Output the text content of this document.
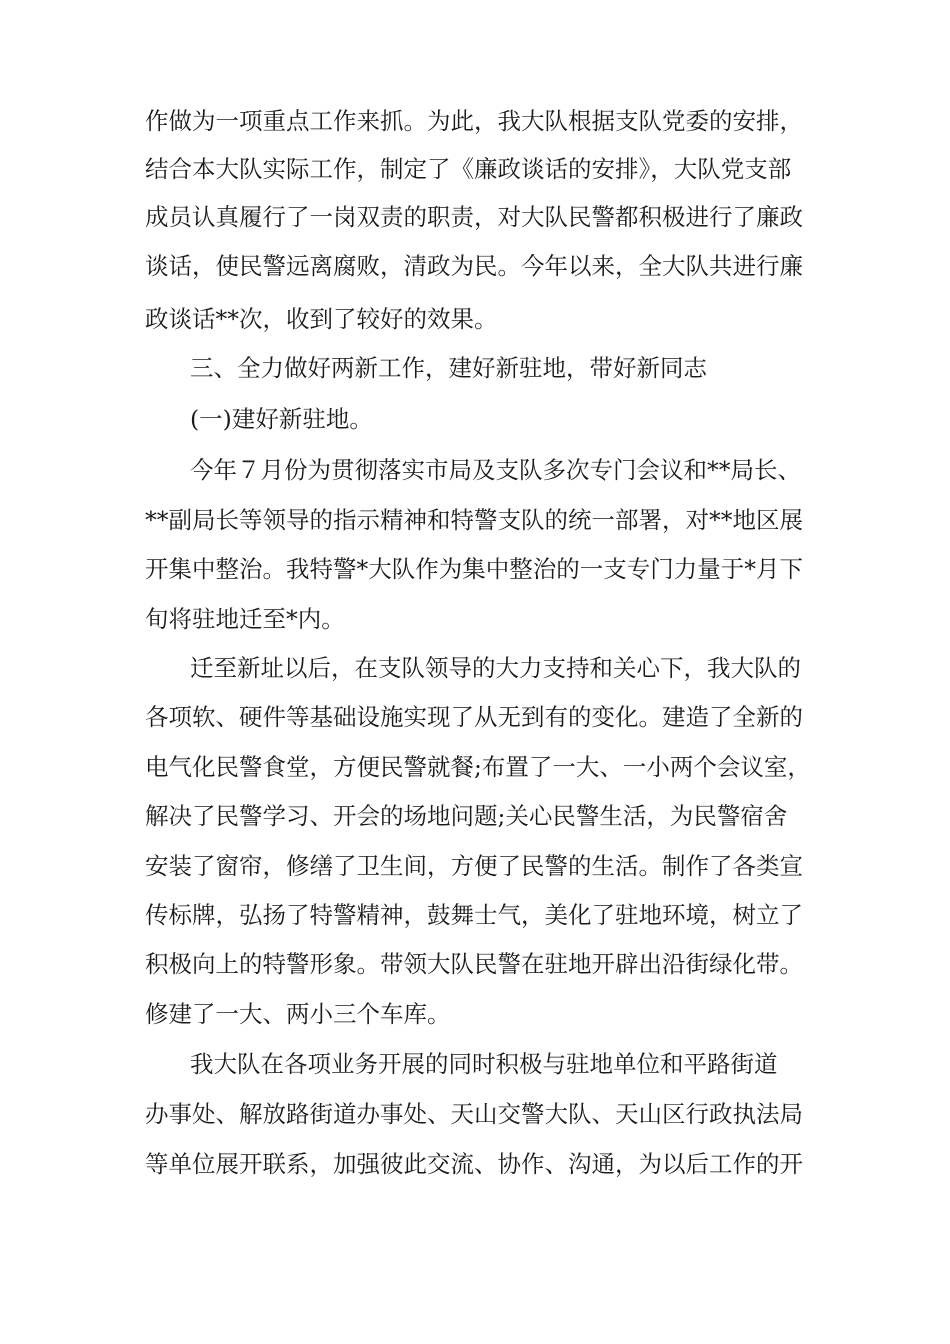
作做为一项重点工作来抓。为此，我大队根据支队党委的安排，
结合本大队实际工作，制定了《廉政谈话的安排》，大队党支部
成员认真履行了一岗双责的职责，对大队民警都积极进行了廉政
谈话，使民警远离腐败，清政为民。今年以来，全大队共进行廉
政谈话**次，收到了较好的效果。
三、全力做好两新工作，建好新驻地，带好新同志
(一)建好新驻地。
今年７月份为贯彻落实市局及支队多次专门会议和**局长、
**副局长等领导的指示精神和特警支队的统一部署，对**地区展
开集中整治。我特警*大队作为集中整治的一支专门力量于*月下
旬将驻地迁至*内。
迁至新址以后，在支队领导的大力支持和关心下，我大队的
各项软、硬件等基础设施实现了从无到有的变化。建造了全新的
电气化民警食堂，方便民警就餐;布置了一大、一小两个会议室，
解决了民警学习、开会的场地问题;关心民警生活，为民警宿舍
安装了窗帘，修缮了卫生间，方便了民警的生活。制作了各类宣
传标牌，弘扬了特警精神，鼓舞士气，美化了驻地环境，树立了
积极向上的特警形象。带领大队民警在驻地开辟出沿街绿化带。
修建了一大、两小三个车库。
我大队在各项业务开展的同时积极与驻地单位和平路街道
办事处、解放路街道办事处、天山交警大队、天山区行政执法局
等单位展开联系，加强彼此交流、协作、沟通，为以后工作的开
